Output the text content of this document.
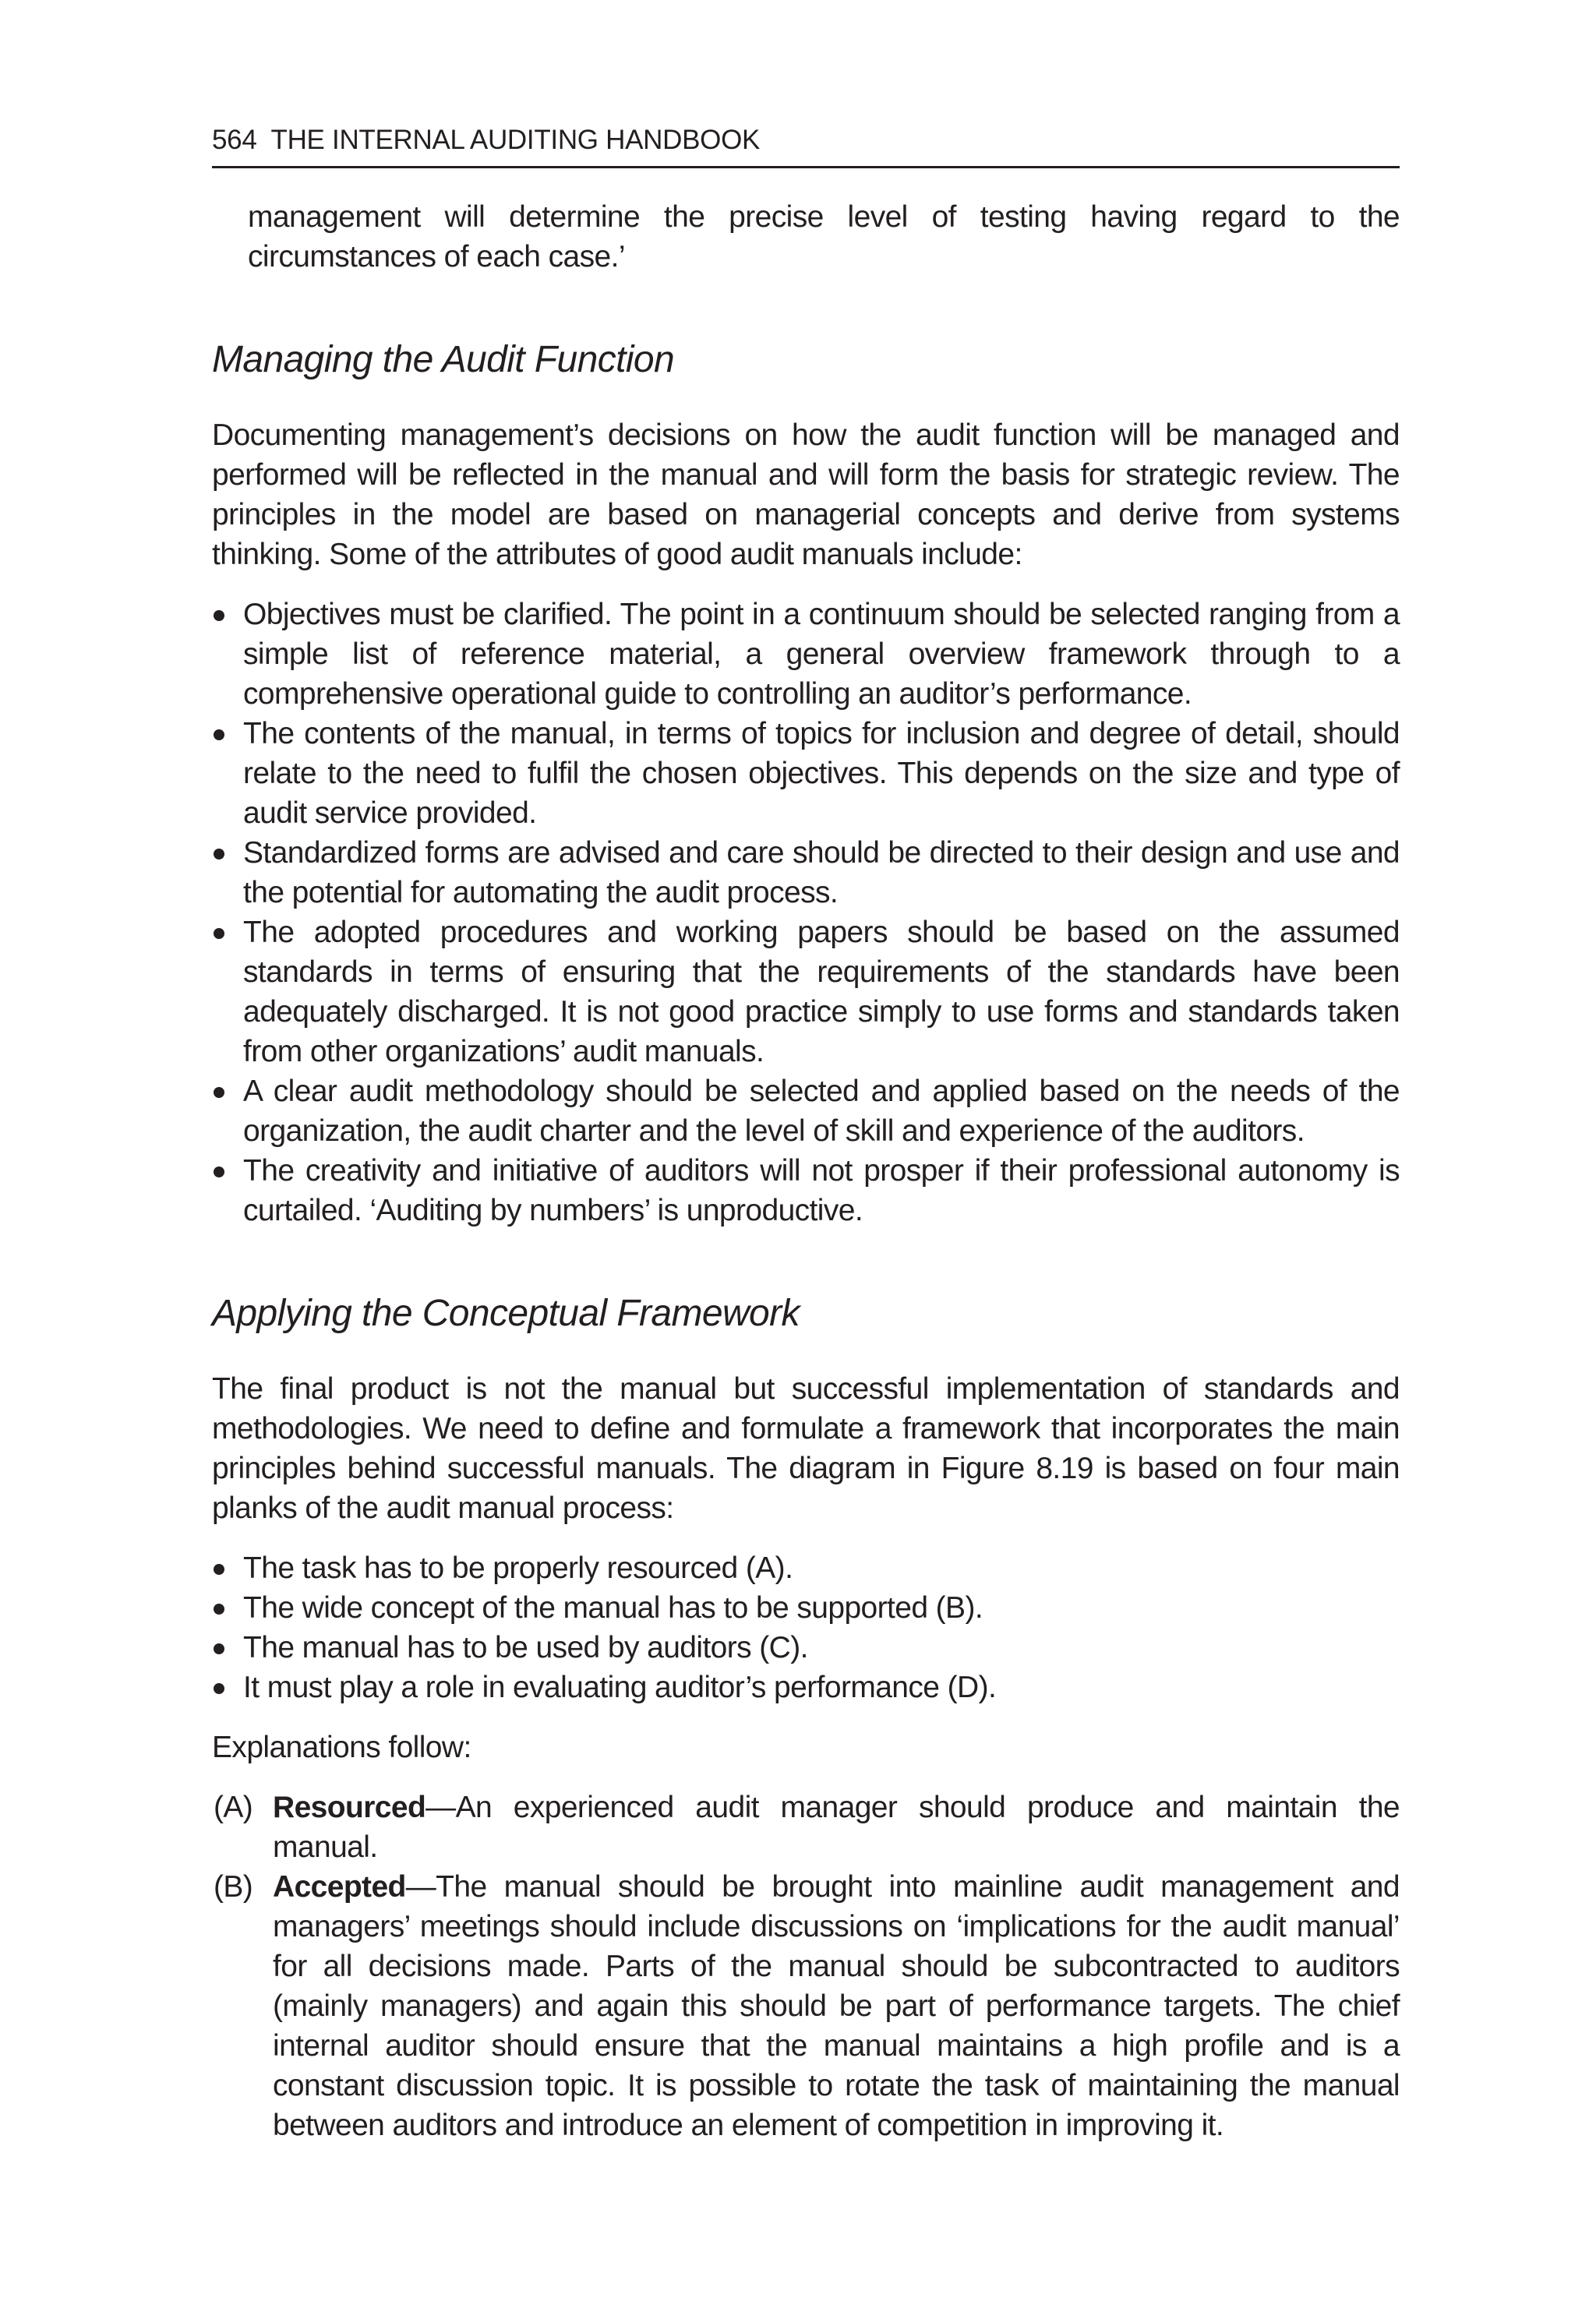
564 THE INTERNAL AUDITING HANDBOOK

management will determine the precise level of testing having regard to the circumstances of each case.’

Managing the Audit Function

Documenting management’s decisions on how the audit function will be managed and performed will be reflected in the manual and will form the basis for strategic review. The principles in the model are based on managerial concepts and derive from systems thinking. Some of the attributes of good audit manuals include:

Objectives must be clarified. The point in a continuum should be selected ranging from a simple list of reference material, a general overview framework through to a comprehensive operational guide to controlling an auditor’s performance.
The contents of the manual, in terms of topics for inclusion and degree of detail, should relate to the need to fulfil the chosen objectives. This depends on the size and type of audit service provided.
Standardized forms are advised and care should be directed to their design and use and the potential for automating the audit process.
The adopted procedures and working papers should be based on the assumed standards in terms of ensuring that the requirements of the standards have been adequately discharged. It is not good practice simply to use forms and standards taken from other organizations’ audit manuals.
A clear audit methodology should be selected and applied based on the needs of the organization, the audit charter and the level of skill and experience of the auditors.
The creativity and initiative of auditors will not prosper if their professional autonomy is curtailed. ‘Auditing by numbers’ is unproductive.
Applying the Conceptual Framework

The final product is not the manual but successful implementation of standards and methodologies. We need to define and formulate a framework that incorporates the main principles behind successful manuals. The diagram in Figure 8.19 is based on four main planks of the audit manual process:

The task has to be properly resourced (A).
The wide concept of the manual has to be supported (B).
The manual has to be used by auditors (C).
It must play a role in evaluating auditor’s performance (D).

Explanations follow:

(A) Resourced—An experienced audit manager should produce and maintain the manual.
(B) Accepted—The manual should be brought into mainline audit management and managers’ meetings should include discussions on ‘implications for the audit manual’ for all decisions made. Parts of the manual should be subcontracted to auditors (mainly managers) and again this should be part of performance targets. The chief internal auditor should ensure that the manual maintains a high profile and is a constant discussion topic. It is possible to rotate the task of maintaining the manual between auditors and introduce an element of competition in improving it.
